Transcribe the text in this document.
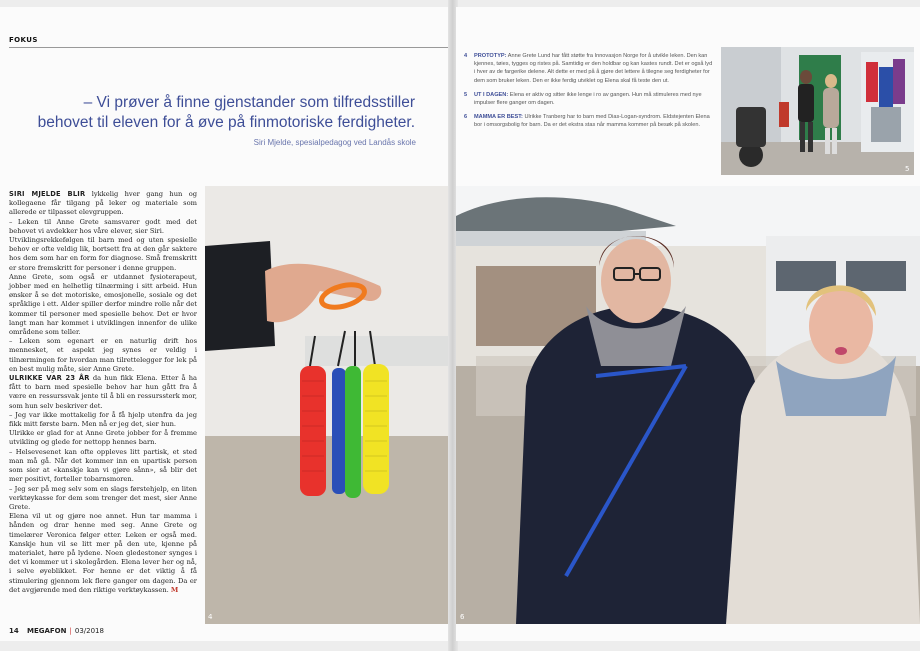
FOKUS
– Vi prøver å finne gjenstander som tilfredsstiller behovet til eleven for å øve på finmotoriske ferdigheter.
Siri Mjelde, spesialpedagog ved Landås skole

SIRI MJELDE BLIR lykkelig hver gang hun og kollegaene får tilgang på leker og materiale som allerede er tilpasset elevgruppen.

– Leken til Anne Grete samsvarer godt med det behovet vi avdekker hos våre elever, sier Siri.

Utviklingsrekkefølgen til barn med og uten spesielle behov er ofte veldig lik, bortsett fra at den går saktere hos dem som har en form for diagnose. Små fremskritt er store fremskritt for personer i denne gruppen.

Anne Grete, som også er utdannet fysioterapeut, jobber med en helhetlig tilnærming i sitt arbeid. Hun ønsker å se det motoriske, emosjonelle, sosiale og det språklige i ett. Alder spiller derfor mindre rolle når det kommer til personer med spesielle behov. Det er hvor langt man har kommet i utviklingen innenfor de ulike områdene som teller.

– Leken som egenart er en naturlig drift hos mennesket, et aspekt jeg synes er veldig i tilnærmingen for hvordan man tilrettelegger for lek på en best mulig måte, sier Anne Grete.

ULRIKKE VAR 23 ÅR da hun fikk Elena. Etter å ha fått to barn med spesielle behov har hun gått fra å være en ressurssvak jente til å bli en ressurssterk mor, som hun selv beskriver det.

– Jeg var ikke mottakelig for å få hjelp utenfra da jeg fikk mitt første barn. Men nå er jeg det, sier hun.

Ulrikke er glad for at Anne Grete jobber for å fremme utvikling og glede for nettopp hennes barn.

– Helsevesenet kan ofte oppleves litt partisk, et sted man må gå. Når det kommer inn en upartisk person som sier at «kanskje kan vi gjøre sånn», så blir det mer positivt, forteller tobarnsmoren.

– Jeg ser på meg selv som en slags førstehjelp, en liten verktøykasse for dem som trenger det mest, sier Anne Grete.

Elena vil ut og gjøre noe annet. Hun tar mamma i hånden og drar henne med seg. Anne Grete og timelærer Veronica følger etter. Leken er også med. Kanskje hun vil se litt mer på den ute, kjenne på materialet, høre på lydene. Noen gledestoner synges i det vi kommer ut i skolegården. Elena lever her og nå, i selve øyeblikket. For henne er det viktig å få stimulering gjennom lek flere ganger om dagen. Da er det avgjørende med den riktige verktøykassen. M

4
14 MEGAFON | 03/2018
4	PROTOTYP: Anne Grete Lund har fått støtte fra Innovasjon Norge for å utvikle leken. Den kan kjennes, tøies, tygges og ristes på. Samtidig er den holdbar og kan kastes rundt. Det er også lyd i hver av de fargerike delene. Alt dette er med på å gjøre det lettere å tilegne seg ferdigheter for dem som bruker leken. Den er ikke ferdig utviklet og Elena skal få teste den ut.
5	UT I DAGEN: Elena er aktiv og sitter ikke lenge i ro av gangen. Hun må stimuleres med nye impulser flere ganger om dagen.
6	MAMMA ER BEST: Ulrikke Tranberg har to barn med Dias-Logan-syndrom. Eldstejenten Elena bor i omsorgsbolig for barn. Da er det ekstra stas når mamma kommer på besøk på skolen.
5
6
